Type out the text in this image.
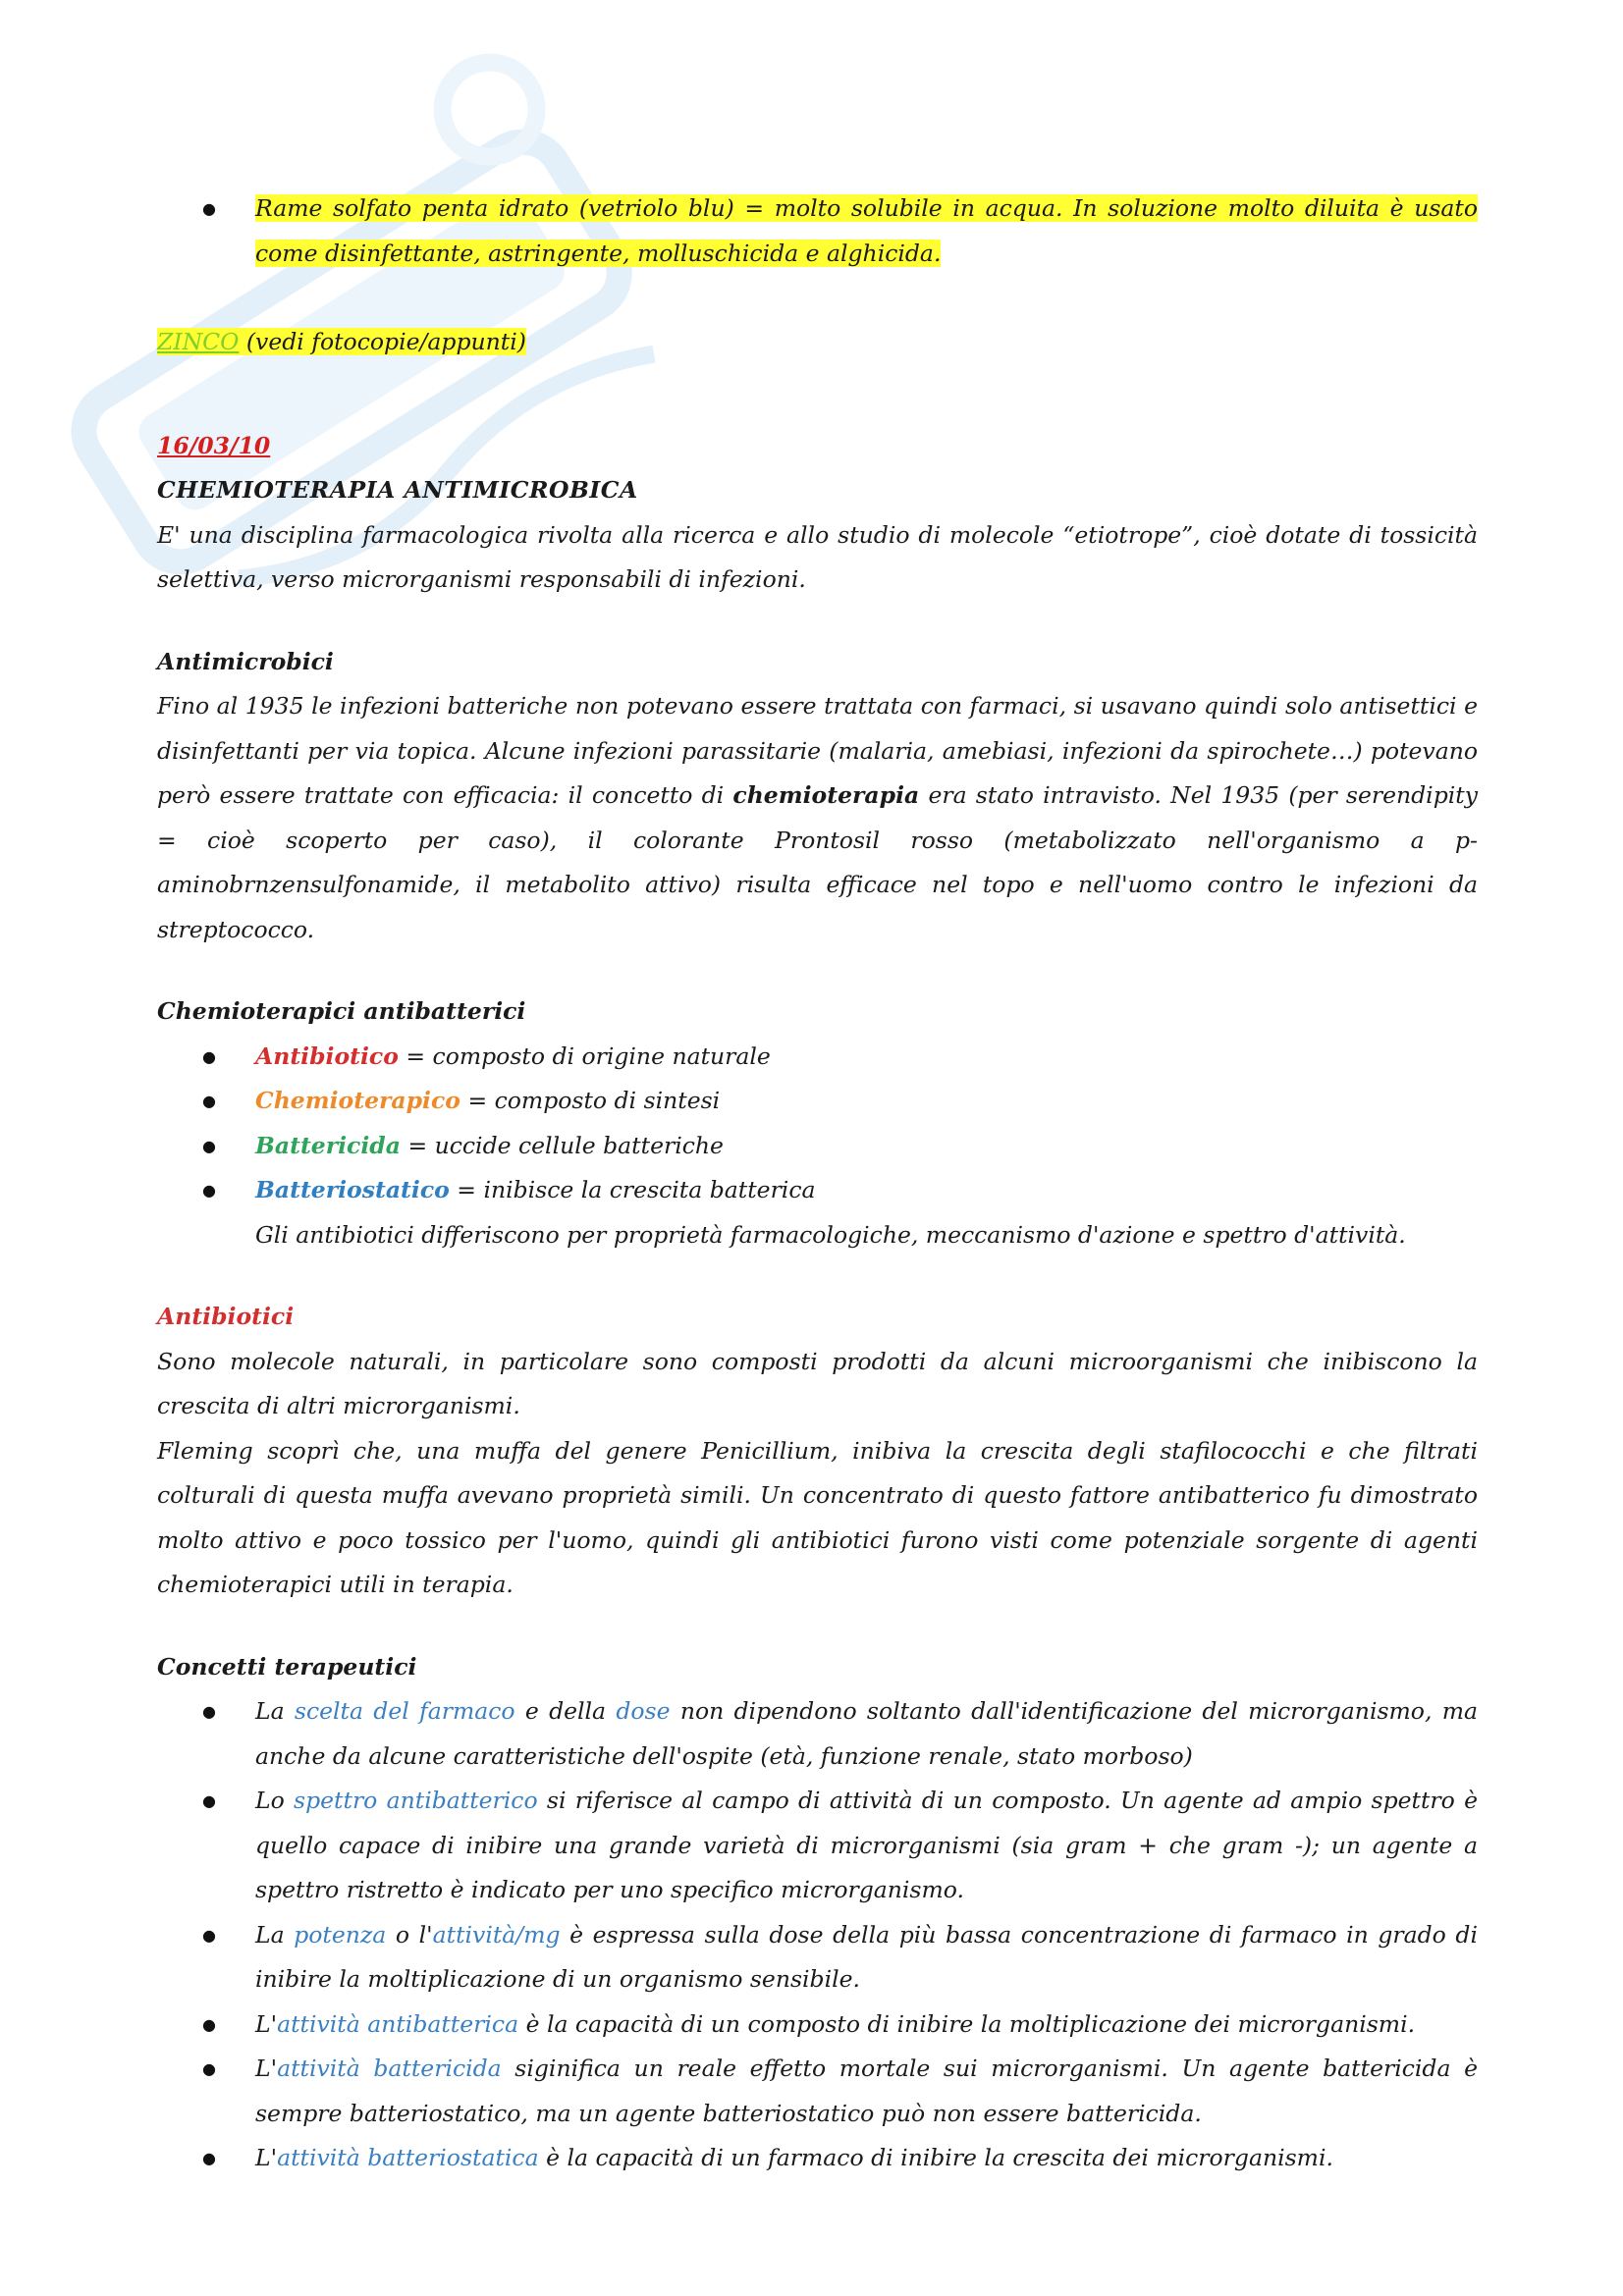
● Rame solfato penta idrato (vetriolo blu) = molto solubile in acqua. In soluzione molto diluita è usato come disinfettante, astringente, molluschicida e alghicida.

ZINCO (vedi fotocopie/appunti)

16/03/10

CHEMIOTERAPIA ANTIMICROBICA

E' una disciplina farmacologica rivolta alla ricerca e allo studio di molecole “etiotrope”, cioè dotate di tossicità selettiva, verso microrganismi responsabili di infezioni.

Antimicrobici

Fino al 1935 le infezioni batteriche non potevano essere trattata con farmaci, si usavano quindi solo antisettici e disinfettanti per via topica. Alcune infezioni parassitarie (malaria, amebiasi, infezioni da spirochete…) potevano però essere trattate con efficacia: il concetto di chemioterapia era stato intravisto. Nel 1935 (per serendipity = cioè scoperto per caso), il colorante Prontosil rosso (metabolizzato nell'organismo a p-aminobrnzensulfonamide, il metabolito attivo) risulta efficace nel topo e nell'uomo contro le infezioni da streptococco.

Chemioterapici antibatterici

● Antibiotico = composto di origine naturale
● Chemioterapico = composto di sintesi
● Battericida = uccide cellule batteriche
● Batteriostatico = inibisce la crescita batterica

Gli antibiotici differiscono per proprietà farmacologiche, meccanismo d'azione e spettro d'attività.

Antibiotici

Sono molecole naturali, in particolare sono composti prodotti da alcuni microorganismi che inibiscono la crescita di altri microrganismi.

Fleming scoprì che, una muffa del genere Penicillium, inibiva la crescita degli stafilococchi e che filtrati colturali di questa muffa avevano proprietà simili. Un concentrato di questo fattore antibatterico fu dimostrato molto attivo e poco tossico per l'uomo, quindi gli antibiotici furono visti come potenziale sorgente di agenti chemioterapici utili in terapia.

Concetti terapeutici

● La scelta del farmaco e della dose non dipendono soltanto dall'identificazione del microrganismo, ma anche da alcune caratteristiche dell'ospite (età, funzione renale, stato morboso)
● Lo spettro antibatterico si riferisce al campo di attività di un composto. Un agente ad ampio spettro è quello capace di inibire una grande varietà di microrganismi (sia gram + che gram -); un agente a spettro ristretto è indicato per uno specifico microrganismo.
● La potenza o l'attività/mg è espressa sulla dose della più bassa concentrazione di farmaco in grado di inibire la moltiplicazione di un organismo sensibile.
● L'attività antibatterica è la capacità di un composto di inibire la moltiplicazione dei microrganismi.
● L'attività battericida siginifica un reale effetto mortale sui microrganismi. Un agente battericida è sempre batteriostatico, ma un agente batteriostatico può non essere battericida.
● L'attività batteriostatica è la capacità di un farmaco di inibire la crescita dei microrganismi.
